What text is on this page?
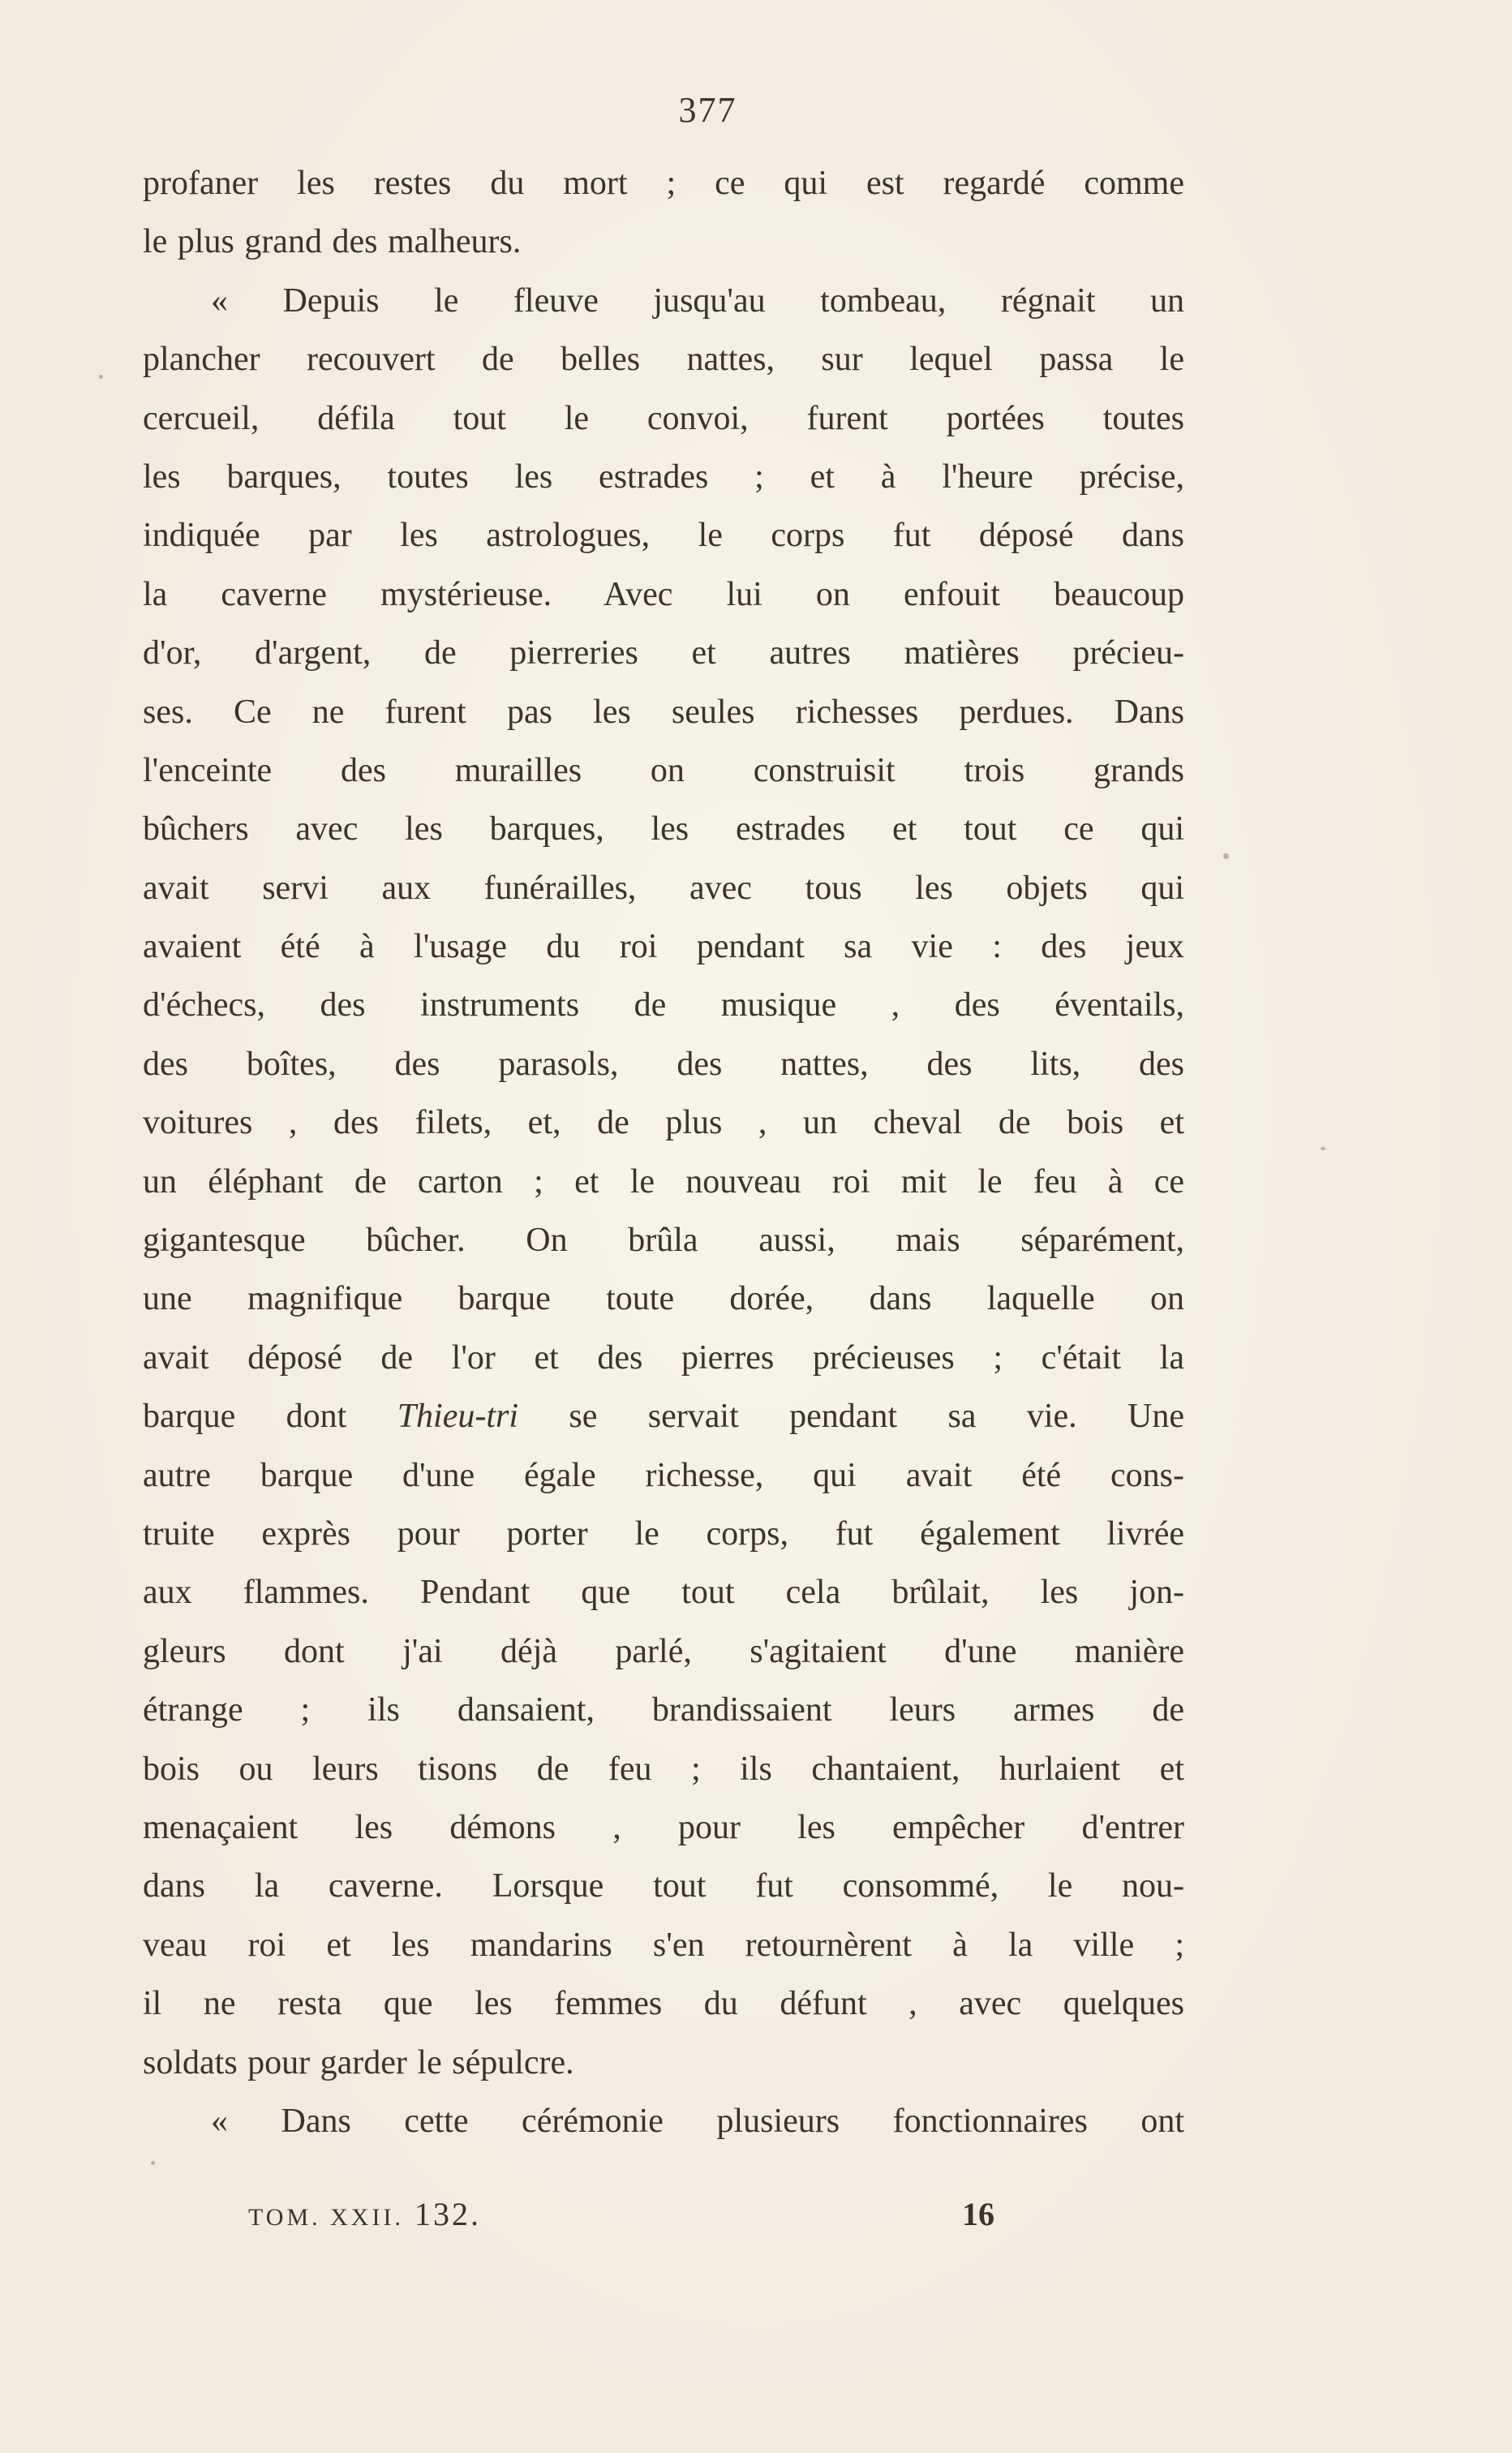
377
profaner les restes du mort ; ce qui est regardé comme
le plus grand des malheurs.
« Depuis le fleuve jusqu'au tombeau, régnait un
plancher recouvert de belles nattes, sur lequel passa le
cercueil, défila tout le convoi, furent portées toutes
les barques, toutes les estrades ; et à l'heure précise,
indiquée par les astrologues, le corps fut déposé dans
la caverne mystérieuse. Avec lui on enfouit beaucoup
d'or, d'argent, de pierreries et autres matières précieu-
ses. Ce ne furent pas les seules richesses perdues. Dans
l'enceinte des murailles on construisit trois grands
bûchers avec les barques, les estrades et tout ce qui
avait servi aux funérailles, avec tous les objets qui
avaient été à l'usage du roi pendant sa vie : des jeux
d'échecs, des instruments de musique , des éventails,
des boîtes, des parasols, des nattes, des lits, des
voitures , des filets, et, de plus , un cheval de bois et
un éléphant de carton ; et le nouveau roi mit le feu à ce
gigantesque bûcher. On brûla aussi, mais séparément,
une magnifique barque toute dorée, dans laquelle on
avait déposé de l'or et des pierres précieuses ; c'était la
barque dont Thieu-tri se servait pendant sa vie. Une
autre barque d'une égale richesse, qui avait été cons-
truite exprès pour porter le corps, fut également livrée
aux flammes. Pendant que tout cela brûlait, les jon-
gleurs dont j'ai déjà parlé, s'agitaient d'une manière
étrange ; ils dansaient, brandissaient leurs armes de
bois ou leurs tisons de feu ; ils chantaient, hurlaient et
menaçaient les démons , pour les empêcher d'entrer
dans la caverne. Lorsque tout fut consommé, le nou-
veau roi et les mandarins s'en retournèrent à la ville ;
il ne resta que les femmes du défunt , avec quelques
soldats pour garder le sépulcre.
« Dans cette cérémonie plusieurs fonctionnaires ont
TOM. XXII. 132.	16
